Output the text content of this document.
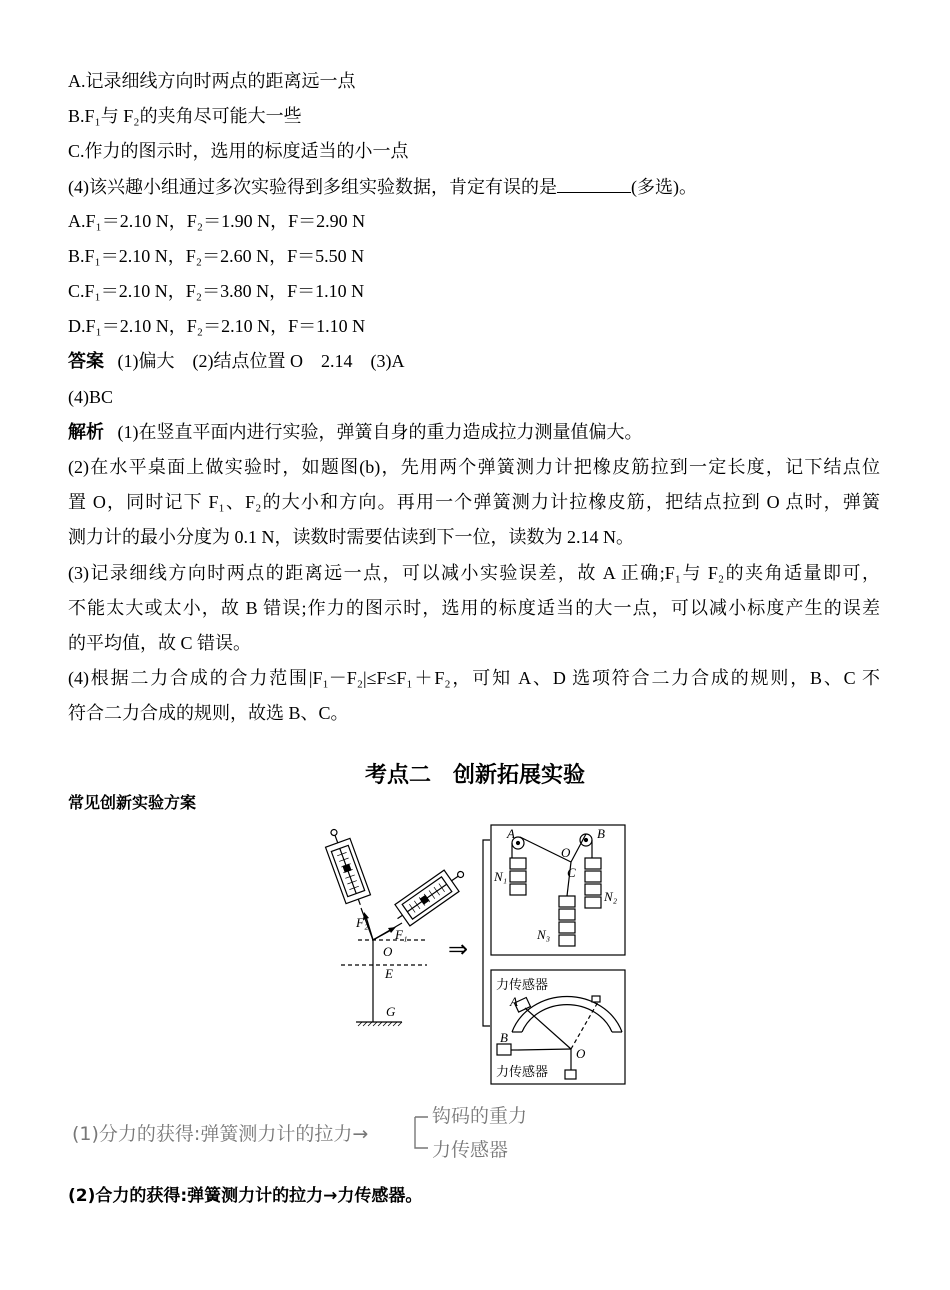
A.记录细线方向时两点的距离远一点
B.F₁与 F₂的夹角尽可能大一些
C.作力的图示时，选用的标度适当的小一点
(4)该兴趣小组通过多次实验得到多组实验数据，肯定有误的是	(多选)。
A.F₁＝2.10 N，F₂＝1.90 N，F＝2.90 N
B.F₁＝2.10 N，F₂＝2.60 N，F＝5.50 N
C.F₁＝2.10 N，F₂＝3.80 N，F＝1.10 N
D.F₁＝2.10 N，F₂＝2.10 N，F＝1.10 N
答案 (1)偏大　(2)结点位置 O　2.14　(3)A
(4)BC
解析 (1)在竖直平面内进行实验，弹簧自身的重力造成拉力测量值偏大。
(2)在水平桌面上做实验时，如题图(b)，先用两个弹簧测力计把橡皮筋拉到一定长度，记下结点位
置 O，同时记下 F₁、F₂的大小和方向。再用一个弹簧测力计拉橡皮筋，把结点拉到 O 点时，弹簧
测力计的最小分度为 0.1 N，读数时需要估读到下一位，读数为 2.14 N。
(3)记录细线方向时两点的距离远一点，可以减小实验误差，故 A 正确;F₁与 F₂的夹角适量即可，
不能太大或太小，故 B 错误;作力的图示时，选用的标度适当的大一点，可以减小标度产生的误差
的平均值，故 C 错误。
(4)根据二力合成的合力范围|F₁－F₂|≤F≤F₁＋F₂，可知 A、D 选项符合二力合成的规则，B、C 不
符合二力合成的规则，故选 B、C。
考点二　创新拓展实验
常见创新实验方案
F₂
F₁
O
E
G
⇒
A	B
O
C
N₁
N₂
N₃
力传感器
A
B
O
力传感器
(1)分力的获得:弹簧测力计的拉力→
钩码的重力
力传感器
(2)合力的获得:弹簧测力计的拉力→力传感器。
